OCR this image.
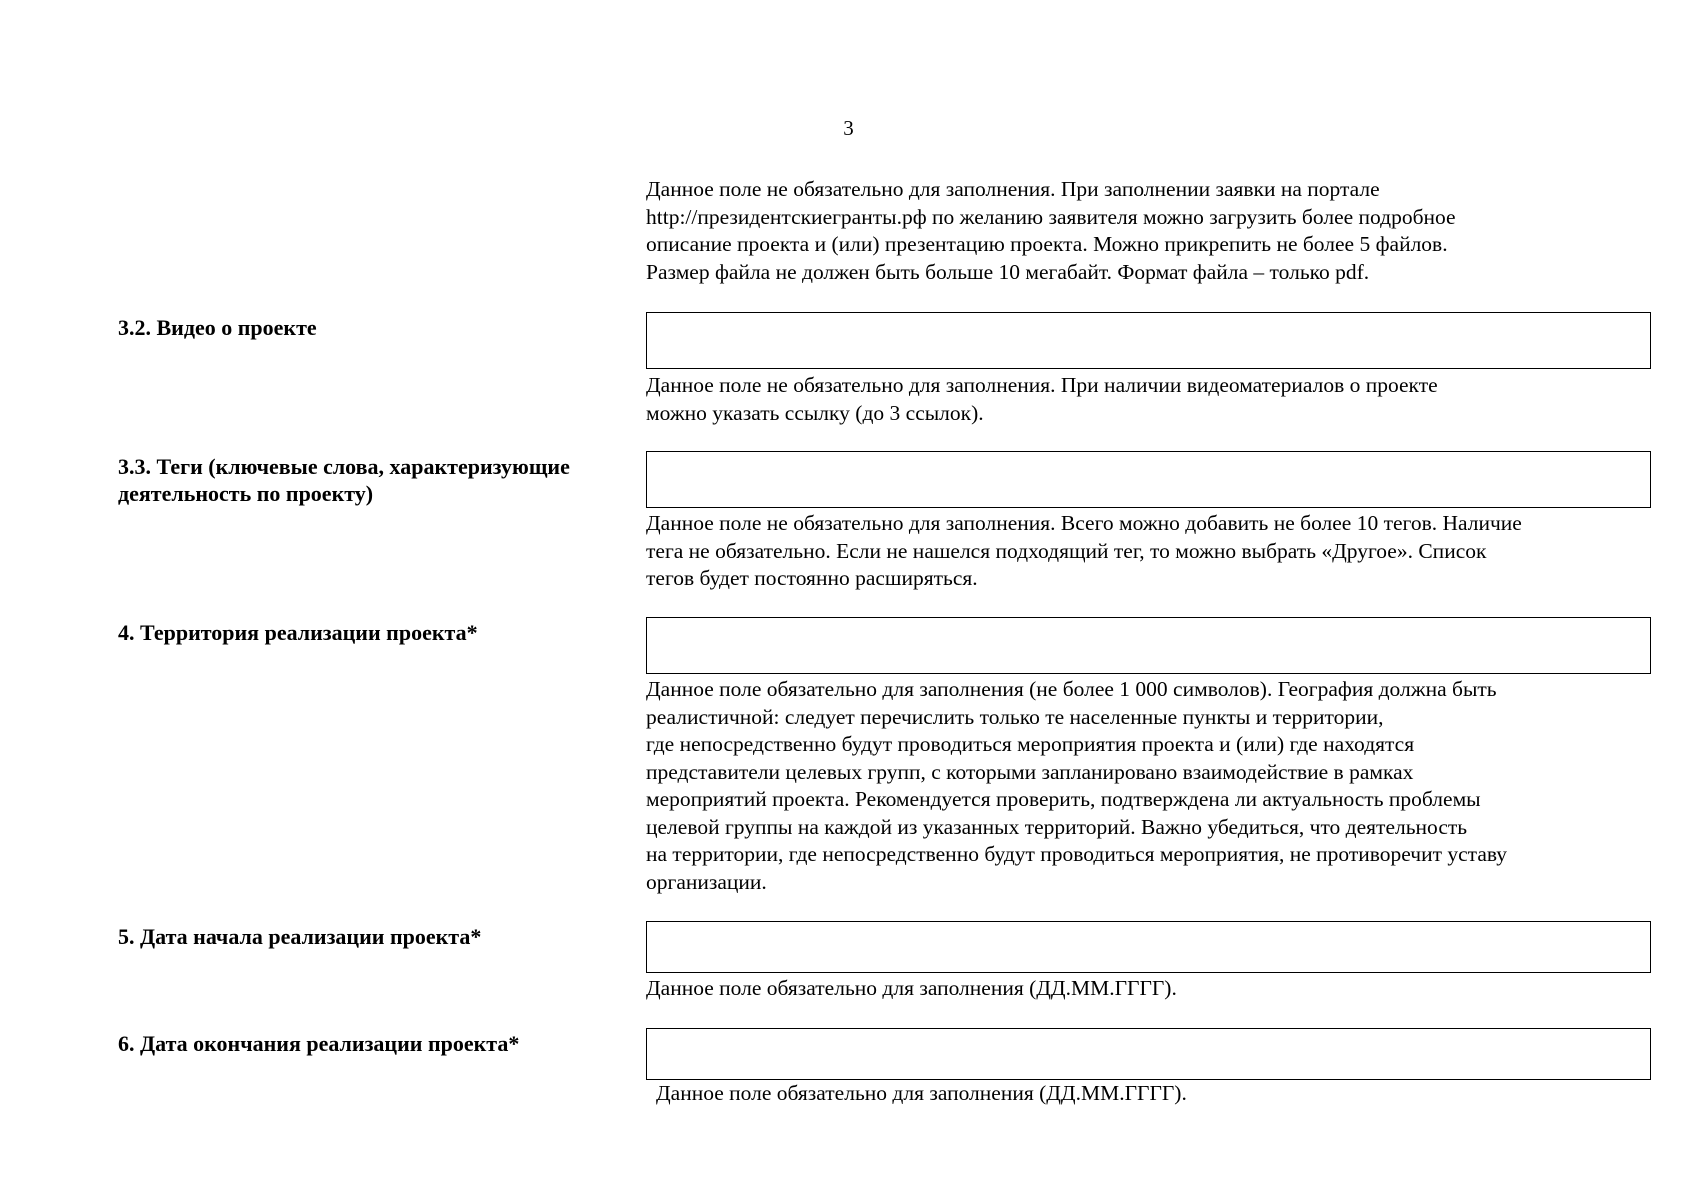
3
Данное поле не обязательно для заполнения. При заполнении заявки на портале
http://президентскиегранты.рф по желанию заявителя можно загрузить более подробное
описание проекта и (или) презентацию проекта. Можно прикрепить не более 5 файлов.
Размер файла не должен быть больше 10 мегабайт. Формат файла – только pdf.
3.2. Видео о проекте
Данное поле не обязательно для заполнения. При наличии видеоматериалов о проекте
можно указать ссылку (до 3 ссылок).
3.3. Теги (ключевые слова, характеризующие деятельность по проекту)
Данное поле не обязательно для заполнения. Всего можно добавить не более 10 тегов. Наличие
тега не обязательно. Если не нашелся подходящий тег, то можно выбрать «Другое». Список
тегов будет постоянно расширяться.
4. Территория реализации проекта*
Данное поле обязательно для заполнения (не более 1 000 символов). География должна быть
реалистичной: следует перечислить только те населенные пункты и территории,
где непосредственно будут проводиться мероприятия проекта и (или) где находятся
представители целевых групп, с которыми запланировано взаимодействие в рамках
мероприятий проекта. Рекомендуется проверить, подтверждена ли актуальность проблемы
целевой группы на каждой из указанных территорий. Важно убедиться, что деятельность
на территории, где непосредственно будут проводиться мероприятия, не противоречит уставу
организации.
5. Дата начала реализации проекта*
Данное поле обязательно для заполнения (ДД.ММ.ГГГГ).
6. Дата окончания реализации проекта*
Данное поле обязательно для заполнения (ДД.ММ.ГГГГ).
